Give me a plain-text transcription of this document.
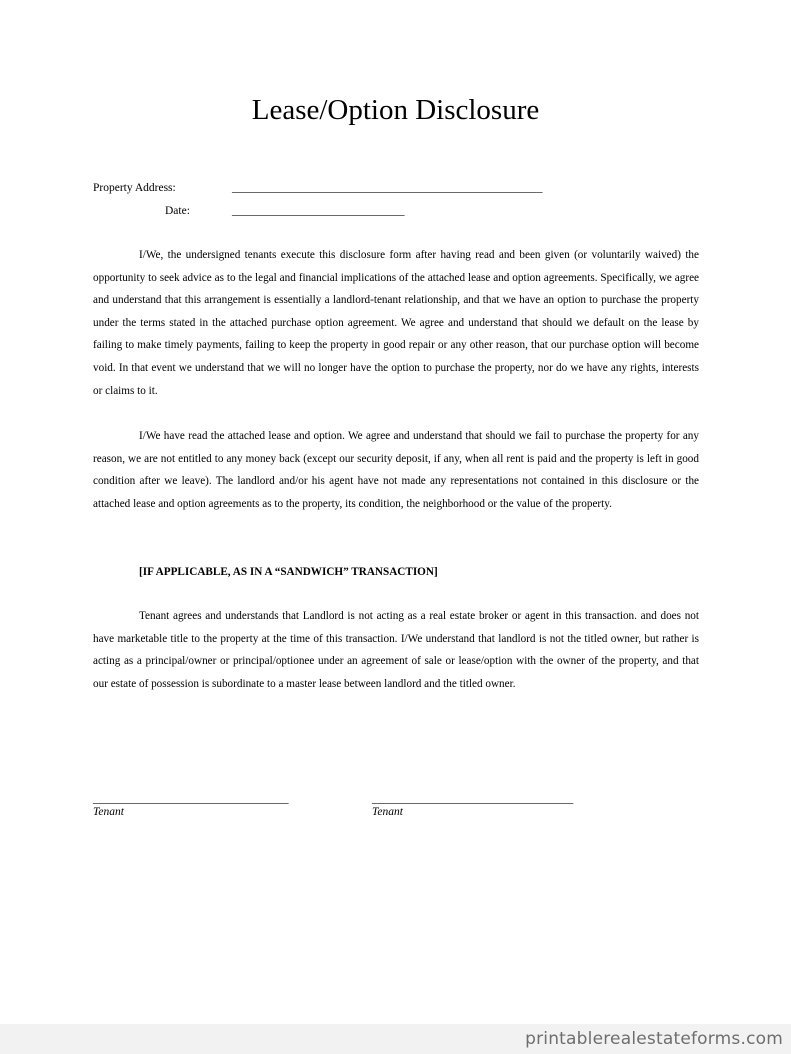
Lease/Option Disclosure
Property Address:	______________________________________________________
Date:	______________________________

I/We, the undersigned tenants execute this disclosure form after having read and been given (or voluntarily waived) the opportunity to seek advice as to the legal and financial implications of the attached lease and option agreements. Specifically, we agree and understand that this arrangement is essentially a landlord-tenant relationship, and that we have an option to purchase the property under the terms stated in the attached purchase option agreement. We agree and understand that should we default on the lease by failing to make timely payments, failing to keep the property in good repair or any other reason, that our purchase option will become void. In that event we understand that we will no longer have the option to purchase the property, nor do we have any rights, interests or claims to it.

I/We have read the attached lease and option. We agree and understand that should we fail to purchase the property for any reason, we are not entitled to any money back (except our security deposit, if any, when all rent is paid and the property is left in good condition after we leave). The landlord and/or his agent have not made any representations not contained in this disclosure or the attached lease and option agreements as to the property, its condition, the neighborhood or the value of the property.

[IF APPLICABLE, AS IN A “SANDWICH” TRANSACTION]

Tenant agrees and understands that Landlord is not acting as a real estate broker or agent in this transaction. and does not have marketable title to the property at the time of this transaction. I/We understand that landlord is not the titled owner, but rather is acting as a principal/owner or principal/optionee under an agreement of sale or lease/option with the owner of the property, and that our estate of possession is subordinate to a master lease between landlord and the titled owner.

__________________________________
Tenant
___________________________________
Tenant
printablerealestateforms.com
